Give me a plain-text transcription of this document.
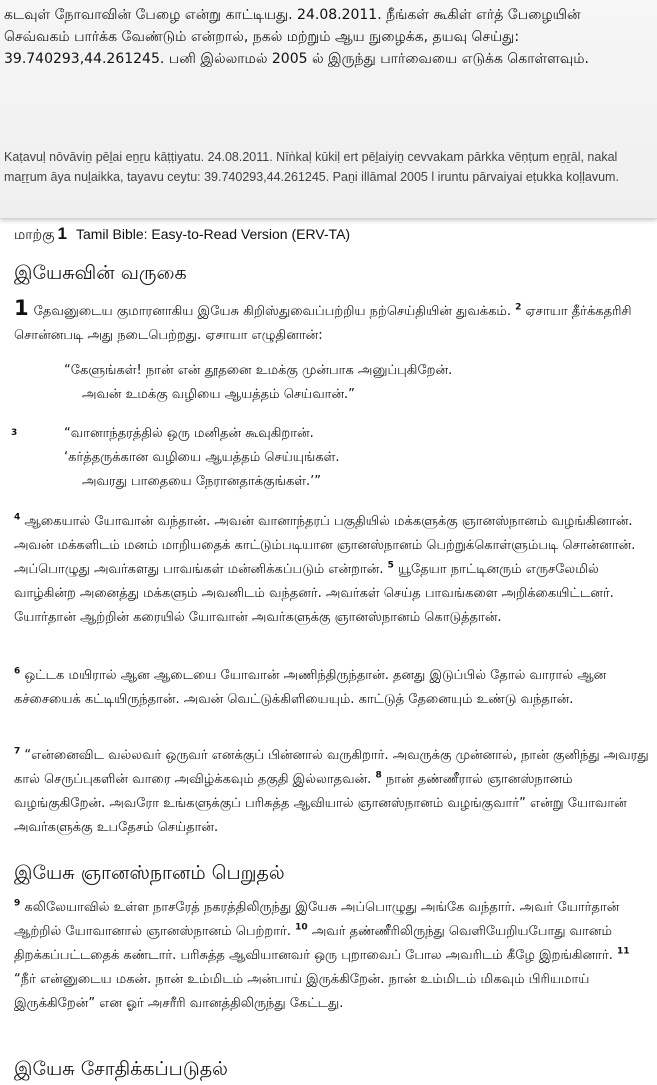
கடவுள் நோவாவின் பேழை என்று காட்டியது. 24.08.2011. நீங்கள் கூகிள் எர்த் பேழையின் செவ்வகம் பார்க்க வேண்டும் என்றால், நகல் மற்றும் ஆய நுழைக்க, தயவு செய்து: 39.740293,44.261245. பனி இல்லாமல் 2005 ல் இருந்து பார்வையை எடுக்க கொள்ளவும்.
Kaṭavuḷ nōvāviṉ pēḻai eṉṟu kāṭṭiyatu. 24.08.2011. Nīṅkaḷ kūkiḷ ert pēḻaiyiṉ cevvakam pārkka vēṇṭum eṉṟāl, nakal maṟṟum āya nuḻaikka, tayavu ceytu: 39.740293,44.261245. Paṉi illāmal 2005 l iruntu pārvaiyai eṭukka koḷḷavum.
மாற்கு 1 Tamil Bible: Easy-to-Read Version (ERV-TA)
இயேசுவின் வருகை
1 தேவனுடைய குமாரனாகிய இயேசு கிறிஸ்துவைப்பற்றிய நற்செய்தியின் துவக்கம். $^2$ ஏசாயா தீர்க்கதரிசி சொன்னபடி அது நடைபெற்றது. ஏசாயா எழுதினான்:
“கேளுங்கள்! நான் என் தூதனை உமக்கு முன்பாக அனுப்புகிறேன்.
அவன் உமக்கு வழியை ஆயத்தம் செய்வான்.”
3	“வானாந்தரத்தில் ஒரு மனிதன் கூவுகிறான்.
‘கர்த்தருக்கான வழியை ஆயத்தம் செய்யுங்கள்.
அவரது பாதையை நேரானதாக்குங்கள்.’”
$^4$ ஆகையால் யோவான் வந்தான். அவன் வானாந்தரப் பகுதியில் மக்களுக்கு ஞானஸ்நானம் வழங்கினான். அவன் மக்களிடம் மனம் மாறியதைக் காட்டும்படியான ஞானஸ்நானம் பெற்றுக்கொள்ளும்படி சொன்னான். அப்பொழுது அவர்களது பாவங்கள் மன்னிக்கப்படும் என்றான். $^5$ யூதேயா நாட்டினரும் எருசலேமில் வாழ்கின்ற அனைத்து மக்களும் அவனிடம் வந்தனர். அவர்கள் செய்த பாவங்களை அறிக்கையிட்டனர். யோர்தான் ஆற்றின் கரையில் யோவான் அவர்களுக்கு ஞானஸ்நானம் கொடுத்தான்.
$^6$ ஒட்டக மயிரால் ஆன ஆடையை யோவான் அணிந்திருந்தான். தனது இடுப்பில் தோல் வாரால் ஆன கச்சையைக் கட்டியிருந்தான். அவன் வெட்டுக்கிளியையும். காட்டுத் தேனையும் உண்டு வந்தான்.
$^7$ “என்னைவிட வல்லவர் ஒருவர் எனக்குப் பின்னால் வருகிறார். அவருக்கு முன்னால், நான் குனிந்து அவரது கால் செருப்புகளின் வாரை அவிழ்க்கவும் தகுதி இல்லாதவன். $^8$ நான் தண்ணீரால் ஞானஸ்நானம் வழங்குகிறேன். அவரோ உங்களுக்குப் பரிசுத்த ஆவியால் ஞானஸ்நானம் வழங்குவார்” என்று யோவான் அவர்களுக்கு உபதேசம் செய்தான்.
இயேசு ஞானஸ்நானம் பெறுதல்
$^9$ கலிலேயாவில் உள்ள நாசரேத் நகரத்திலிருந்து இயேசு அப்பொழுது அங்கே வந்தார். அவர் யோர்தான் ஆற்றில் யோவானால் ஞானஸ்நானம் பெற்றார். $^{10}$ அவர் தண்ணீரிலிருந்து வெளியேறியபோது வானம் திறக்கப்பட்டதைக் கண்டார். பரிசுத்த ஆவியானவர் ஒரு புறாவைப் போல அவரிடம் கீழே இறங்கினார். $^{11}$ “நீர் என்னுடைய மகன். நான் உம்மிடம் அன்பாய் இருக்கிறேன். நான் உம்மிடம் மிகவும் பிரியமாய் இருக்கிறேன்” என ஓர் அசரீரி வானத்திலிருந்து கேட்டது.
இயேசு சோதிக்கப்படுதல்
